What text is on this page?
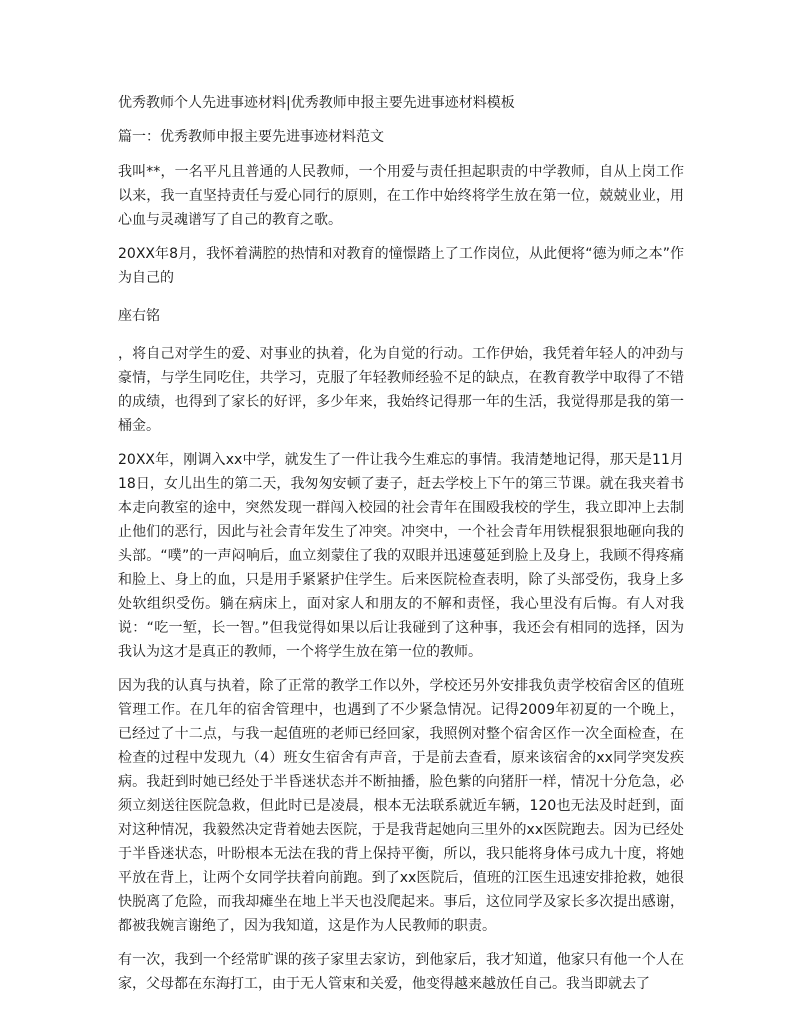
优秀教师个人先进事迹材料|优秀教师申报主要先进事迹材料模板
篇一：优秀教师申报主要先进事迹材料范文

我叫**，一名平凡且普通的人民教师，一个用爱与责任担起职责的中学教师，自从上岗工作以来，我一直坚持责任与爱心同行的原则，在工作中始终将学生放在第一位，兢兢业业，用心血与灵魂谱写了自己的教育之歌。

20XX年8月，我怀着满腔的热情和对教育的憧憬踏上了工作岗位，从此便将“德为师之本”作为自己的

座右铭

，将自己对学生的爱、对事业的执着，化为自觉的行动。工作伊始，我凭着年轻人的冲劲与豪情，与学生同吃住，共学习，克服了年轻教师经验不足的缺点，在教育教学中取得了不错的成绩，也得到了家长的好评，多少年来，我始终记得那一年的生活，我觉得那是我的第一桶金。

20XX年，刚调入xx中学，就发生了一件让我今生难忘的事情。我清楚地记得，那天是11月18日，女儿出生的第二天，我匆匆安顿了妻子，赶去学校上下午的第三节课。就在我夹着书本走向教室的途中，突然发现一群闯入校园的社会青年在围殴我校的学生，我立即冲上去制止他们的恶行，因此与社会青年发生了冲突。冲突中，一个社会青年用铁棍狠狠地砸向我的头部。“噗”的一声闷响后，血立刻蒙住了我的双眼并迅速蔓延到脸上及身上，我顾不得疼痛和脸上、身上的血，只是用手紧紧护住学生。后来医院检查表明，除了头部受伤，我身上多处软组织受伤。躺在病床上，面对家人和朋友的不解和责怪，我心里没有后悔。有人对我说：“吃一堑，长一智。”但我觉得如果以后让我碰到了这种事，我还会有相同的选择，因为我认为这才是真正的教师，一个将学生放在第一位的教师。

因为我的认真与执着，除了正常的教学工作以外，学校还另外安排我负责学校宿舍区的值班管理工作。在几年的宿舍管理中，也遇到了不少紧急情况。记得2009年初夏的一个晚上，已经过了十二点，与我一起值班的老师已经回家，我照例对整个宿舍区作一次全面检查，在检查的过程中发现九（4）班女生宿舍有声音，于是前去查看，原来该宿舍的xx同学突发疾病。我赶到时她已经处于半昏迷状态并不断抽播，脸色紫的向猪肝一样，情况十分危急，必须立刻送往医院急救，但此时已是凌晨，根本无法联系就近车辆，120也无法及时赶到，面对这种情况，我毅然决定背着她去医院，于是我背起她向三里外的xx医院跑去。因为已经处于半昏迷状态，叶盼根本无法在我的背上保持平衡，所以，我只能将身体弓成九十度，将她平放在背上，让两个女同学扶着向前跑。到了xx医院后，值班的江医生迅速安排抢救，她很快脱离了危险，而我却瘫坐在地上半天也没爬起来。事后，这位同学及家长多次提出感谢，都被我婉言谢绝了，因为我知道，这是作为人民教师的职责。

有一次，我到一个经常旷课的孩子家里去家访，到他家后，我才知道，他家只有他一个人在家，父母都在东海打工，由于无人管束和关爱，他变得越来越放任自己。我当即就去了
